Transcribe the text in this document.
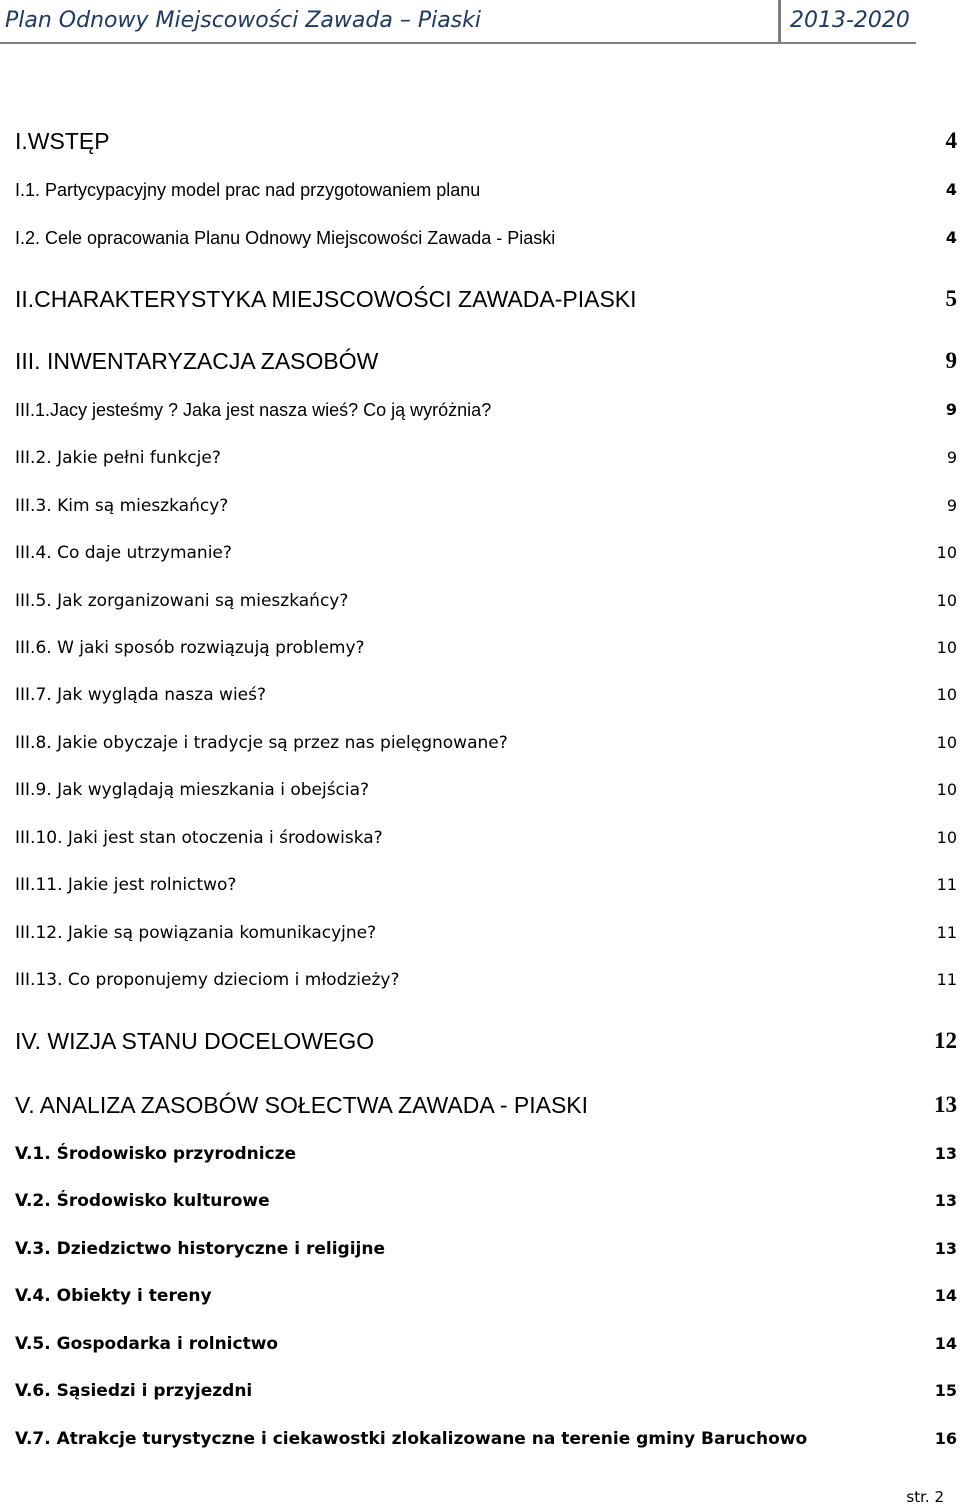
Plan Odnowy Miejscowości Zawada – Piaski	2013-2020
I.WSTĘP	4
I.1. Partycypacyjny model prac nad przygotowaniem planu	4
I.2. Cele opracowania Planu Odnowy Miejscowości Zawada - Piaski	4
II.CHARAKTERYSTYKA MIEJSCOWOŚCI ZAWADA-PIASKI	5
III. INWENTARYZACJA ZASOBÓW	9
III.1.Jacy jesteśmy ? Jaka jest nasza wieś? Co ją wyróżnia?	9
III.2. Jakie pełni funkcje?	9
III.3. Kim są mieszkańcy?	9
III.4. Co daje utrzymanie?	10
III.5. Jak zorganizowani są mieszkańcy?	10
III.6. W jaki sposób rozwiązują problemy?	10
III.7. Jak wygląda nasza wieś?	10
III.8. Jakie obyczaje i tradycje są przez nas pielęgnowane?	10
III.9. Jak wyglądają mieszkania i obejścia?	10
III.10. Jaki jest stan otoczenia i środowiska?	10
III.11. Jakie jest rolnictwo?	11
III.12. Jakie są powiązania komunikacyjne?	11
III.13. Co proponujemy dzieciom i młodzieży?	11
IV. WIZJA STANU DOCELOWEGO	12
V. ANALIZA ZASOBÓW SOŁECTWA ZAWADA - PIASKI	13
V.1. Środowisko przyrodnicze	13
V.2. Środowisko kulturowe	13
V.3. Dziedzictwo historyczne i religijne	13
V.4. Obiekty i tereny	14
V.5. Gospodarka i rolnictwo	14
V.6. Sąsiedzi i przyjezdni	15
V.7. Atrakcje turystyczne i ciekawostki zlokalizowane na terenie gminy Baruchowo	16
str. 2
